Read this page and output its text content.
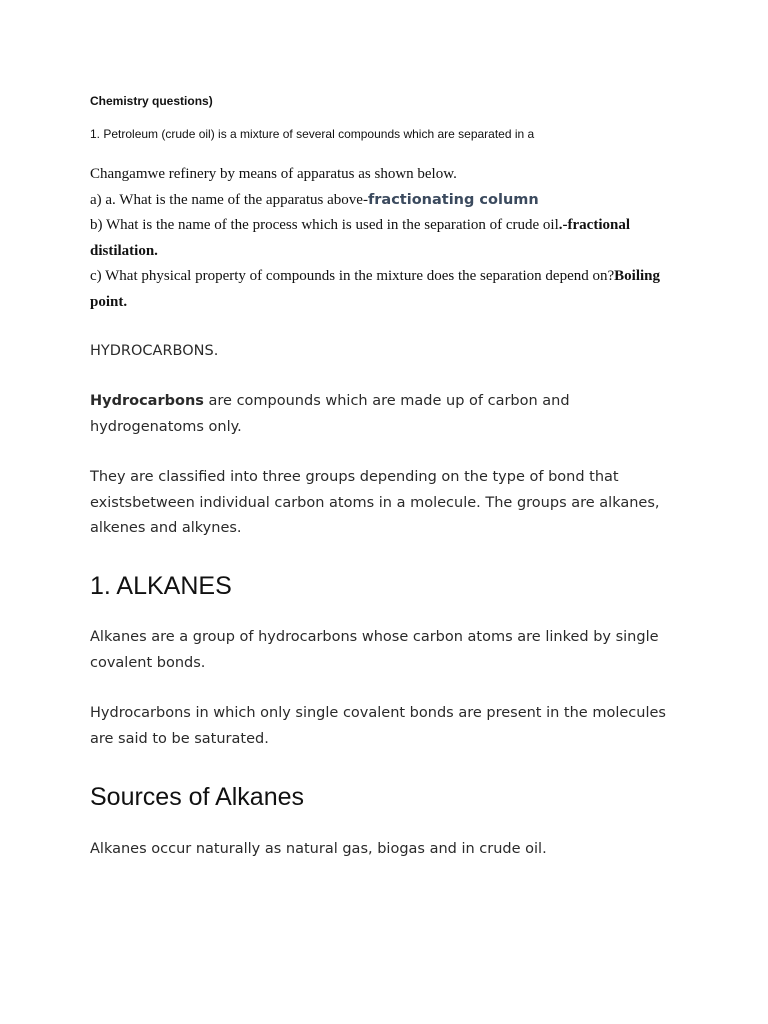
Chemistry questions)
1. Petroleum (crude oil) is a mixture of several compounds which are separated in a

Changamwe refinery by means of apparatus as shown below.

a) a. What is the name of the apparatus above-fractionating column

b) What is the name of the process which is used in the separation of crude oil.-fractional distilation.

c) What physical property of compounds in the mixture does the separation depend on?Boiling point.

HYDROCARBONS.

Hydrocarbons are compounds which are made up of carbon and hydrogenatoms only.

They are classified into three groups depending on the type of bond that existsbetween individual carbon atoms in a molecule. The groups are alkanes, alkenes and alkynes.

1. ALKANES

Alkanes are a group of hydrocarbons whose carbon atoms are linked by single covalent bonds.

Hydrocarbons in which only single covalent bonds are present in the molecules are said to be saturated.

Sources of Alkanes

Alkanes occur naturally as natural gas, biogas and in crude oil.
